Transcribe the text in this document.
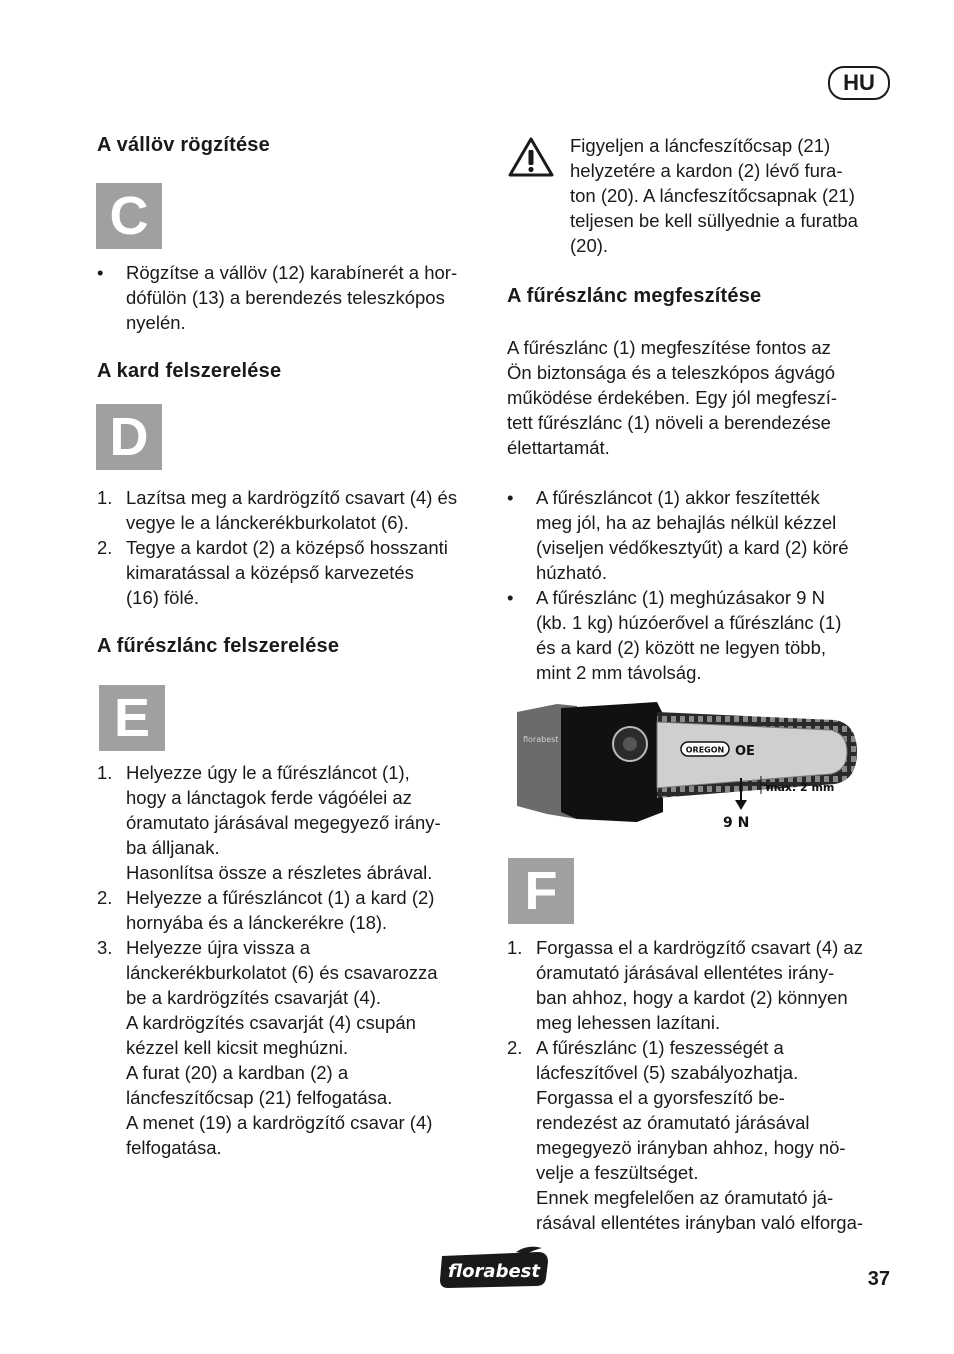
HU
A vállöv rögzítése
C
•	Rögzítse a vállöv (12) karabínerét a hor-
dófülön (13) a berendezés teleszkópos
nyelén.
A kard felszerelése
D
1. Lazítsa meg a kardrögzítő csavart (4) és
vegye le a lánckerékburkolatot (6).
2. Tegye a kardot (2) a középső hosszanti
kimaratással a középső karvezetés
(16) fölé.
A fűrészlánc felszerelése
E
1. Helyezze úgy le a fűrészláncot (1),
hogy a lánctagok ferde vágóélei az
óramutato járásával megegyező irány-
ba álljanak.
Hasonlítsa össze a részletes ábrával.
2. Helyezze a fűrészláncot (1) a kard (2)
hornyába és a lánckerékre (18).
3. Helyezze újra vissza a
lánckerékburkolatot (6) és csavarozza
be a kardrögzítés csavarját (4).
A kardrögzítés csavarját (4) csupán
kézzel kell kicsit meghúzni.
A furat (20) a kardban (2) a
láncfeszítőcsap (21) felfogatása.
A menet (19) a kardrögzítő csavar (4)
felfogatása.
Figyeljen a láncfeszítőcsap (21)
helyzetére a kardon (2) lévő fura-
ton (20). A láncfeszítőcsapnak (21)
teljesen be kell süllyednie a furatba
(20).
A fűrészlánc megfeszítése
A fűrészlánc (1) megfeszítése fontos az
Ön biztonsága és a teleszkópos ágvágó
működése érdekében. Egy jól megfeszí-
tett fűrészlánc (1) növeli a berendezése
élettartamát.
•	A fűrészláncot (1) akkor feszítették
meg jól, ha az behajlás nélkül kézzel
(viseljen védőkesztyűt) a kard (2) köré
húzható.
•	A fűrészlánc (1) meghúzásakor 9 N
(kb. 1 kg) húzóerővel a fűrészlánc (1)
és a kard (2) között ne legyen több,
mint 2 mm távolság.
florabest
OREGON OE
9 N
max. 2 mm
F
1. Forgassa el a kardrögzítő csavart (4) az
óramutató járásával ellentétes irány-
ban ahhoz, hogy a kardot (2) könnyen
meg lehessen lazítani.
2. A fűrészlánc (1) feszességét a
lácfeszítővel (5) szabályozhatja.
Forgassa el a gyorsfeszítő be-
rendezést az óramutató járásával
megegyezö irányban ahhoz, hogy nö-
velje a feszültséget.
Ennek megfelelően az óramutató já-
rásával ellentétes irányban való elforga-
florabest	37
